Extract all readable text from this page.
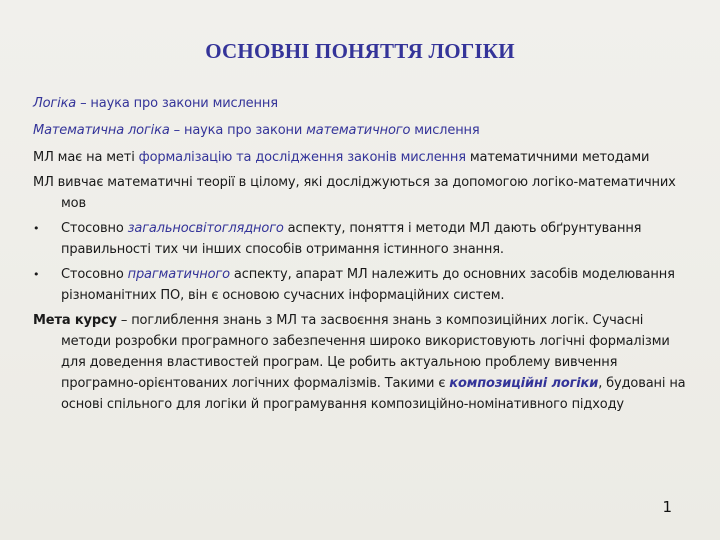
ОСНОВНІ ПОНЯТТЯ ЛОГІКИ

Логіка – наука про закони мислення

Математична логіка – наука про закони математичного мислення

МЛ має на меті формалізацію та дослідження законів мислення математичними методами

МЛ вивчає математичні теорії в цілому, які досліджуються за допомогою логіко-математичних мов

•	Стосовно загальносвітоглядного аспекту, поняття і методи МЛ дають обґрунтування правильності тих чи інших способів отримання істинного знання.
•	Стосовно прагматичного аспекту, апарат МЛ належить до основних засобів моделювання різноманітних ПО, він є основою сучасних інформаційних систем.

Мета курсу – поглиблення знань з МЛ та засвоєння знань з композиційних логік. Сучасні методи розробки програмного забезпечення широко використовують логічні формалізми для доведення властивостей програм. Це робить актуальною проблему вивчення програмно-орієнтованих логічних формалізмів. Такими є композиційні логіки, будовані на основі спільного для логіки й програмування композиційно-номінативного підходу

1
